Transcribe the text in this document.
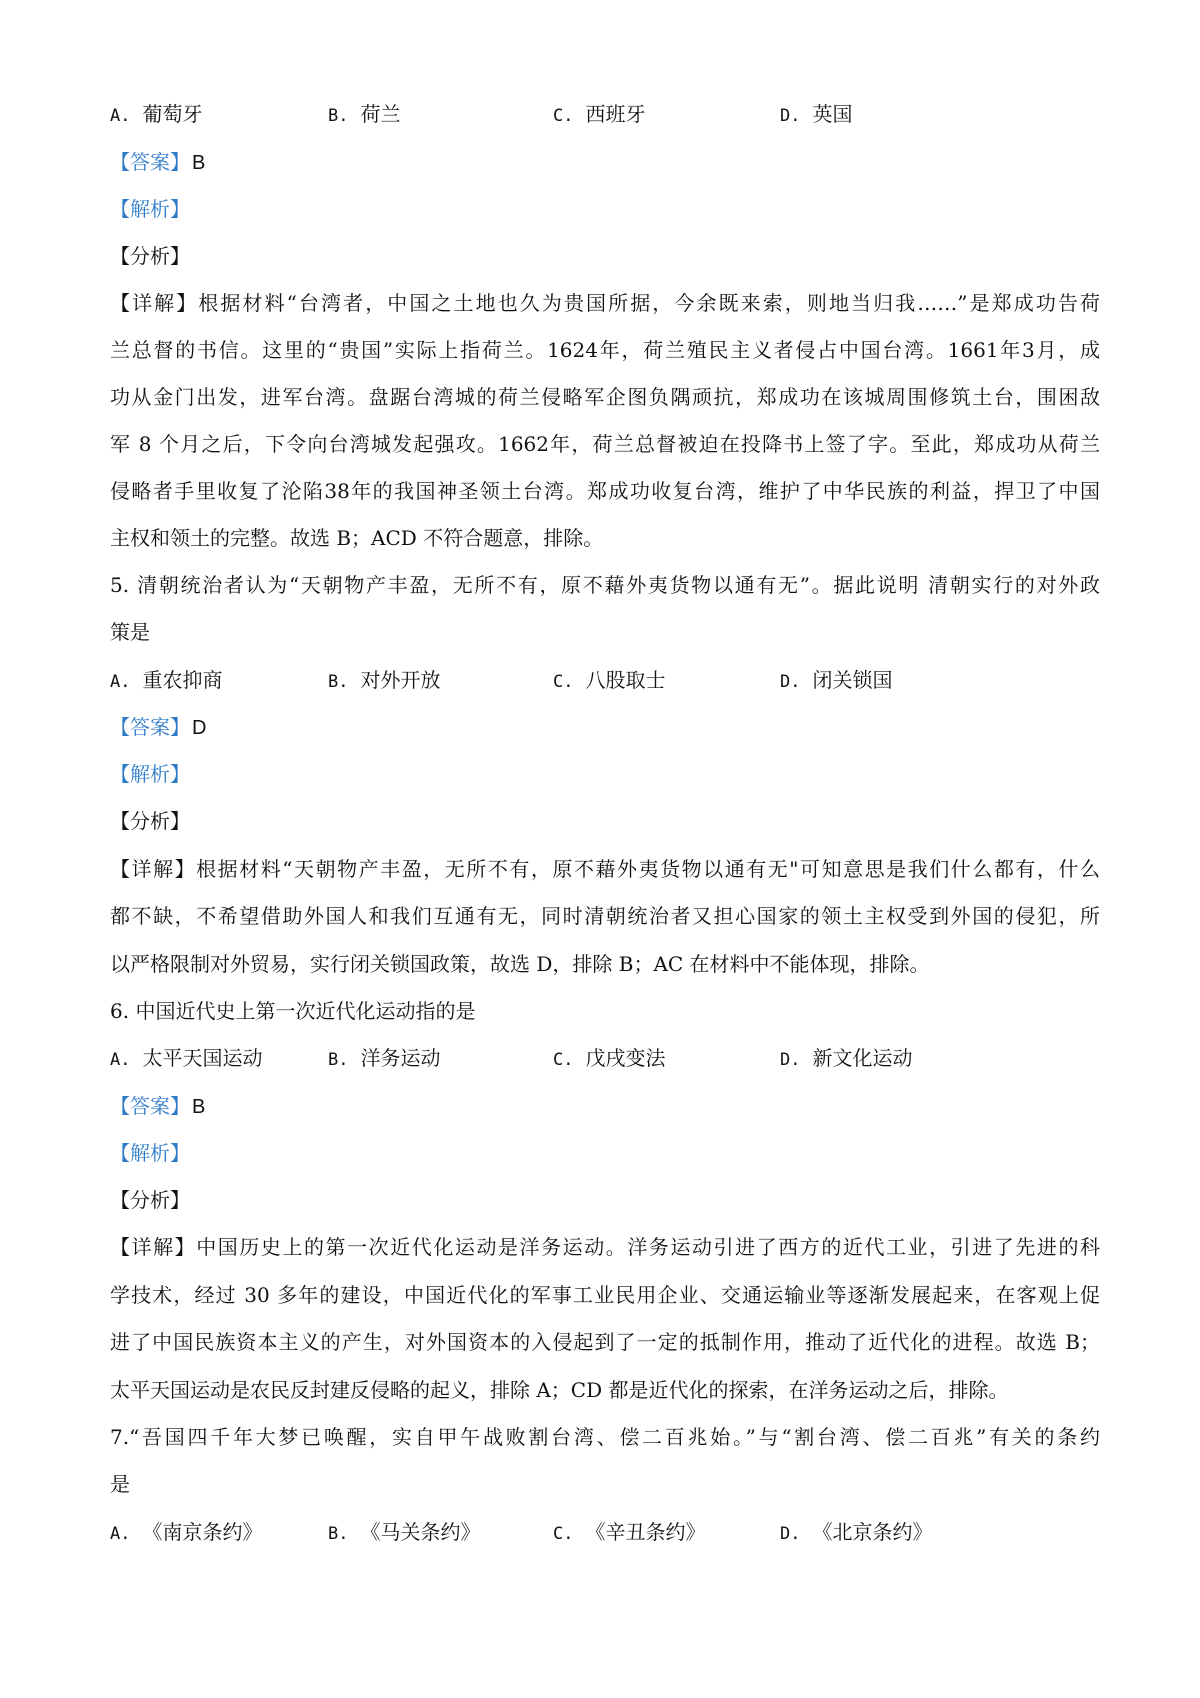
A. 葡萄牙	B. 荷兰	C. 西班牙	D. 英国
【答案】 B
【解析】
【分析】
【详解】根据材料“台湾者，中国之土地也久为贵国所据，今余既来索，则地当归我……”是郑成功告荷
兰总督的书信。这里的“贵国”实际上指荷兰。1624年，荷兰殖民主义者侵占中国台湾。1661年3月，成
功从金门出发，进军台湾。盘踞台湾城的荷兰侵略军企图负隅顽抗，郑成功在该城周围修筑土台，围困敌
军 8 个月之后，下令向台湾城发起强攻。1662年，荷兰总督被迫在投降书上签了字。至此，郑成功从荷兰
侵略者手里收复了沦陷38年的我国神圣领土台湾。郑成功收复台湾，维护了中华民族的利益，捍卫了中国
主权和领土的完整。故选 B；ACD 不符合题意，排除。
5. 清朝统治者认为“天朝物产丰盈，无所不有，原不藉外夷货物以通有无”。据此说明 清朝实行的对外政
策是
A. 重农抑商	B. 对外开放	C. 八股取士	D. 闭关锁国
【答案】 D
【解析】
【分析】
【详解】根据材料“天朝物产丰盈，无所不有，原不藉外夷货物以通有无"可知意思是我们什么都有，什么
都不缺，不希望借助外国人和我们互通有无，同时清朝统治者又担心国家的领土主权受到外国的侵犯，所
以严格限制对外贸易，实行闭关锁国政策，故选 D，排除 B；AC 在材料中不能体现，排除。
6. 中国近代史上第一次近代化运动指的是
A. 太平天国运动	B. 洋务运动	C. 戊戌变法	D. 新文化运动
【答案】 B
【解析】
【分析】
【详解】中国历史上的第一次近代化运动是洋务运动。洋务运动引进了西方的近代工业，引进了先进的科
学技术，经过 30 多年的建设，中国近代化的军事工业民用企业、交通运输业等逐渐发展起来，在客观上促
进了中国民族资本主义的产生，对外国资本的入侵起到了一定的抵制作用，推动了近代化的进程。故选 B；
太平天国运动是农民反封建反侵略的起义，排除 A；CD 都是近代化的探索，在洋务运动之后，排除。
7.“吾国四千年大梦已唤醒，实自甲午战败割台湾、偿二百兆始。”与“割台湾、偿二百兆”有关的条约
是
A. 《南京条约》	B. 《马关条约》	C. 《辛丑条约》	D. 《北京条约》
